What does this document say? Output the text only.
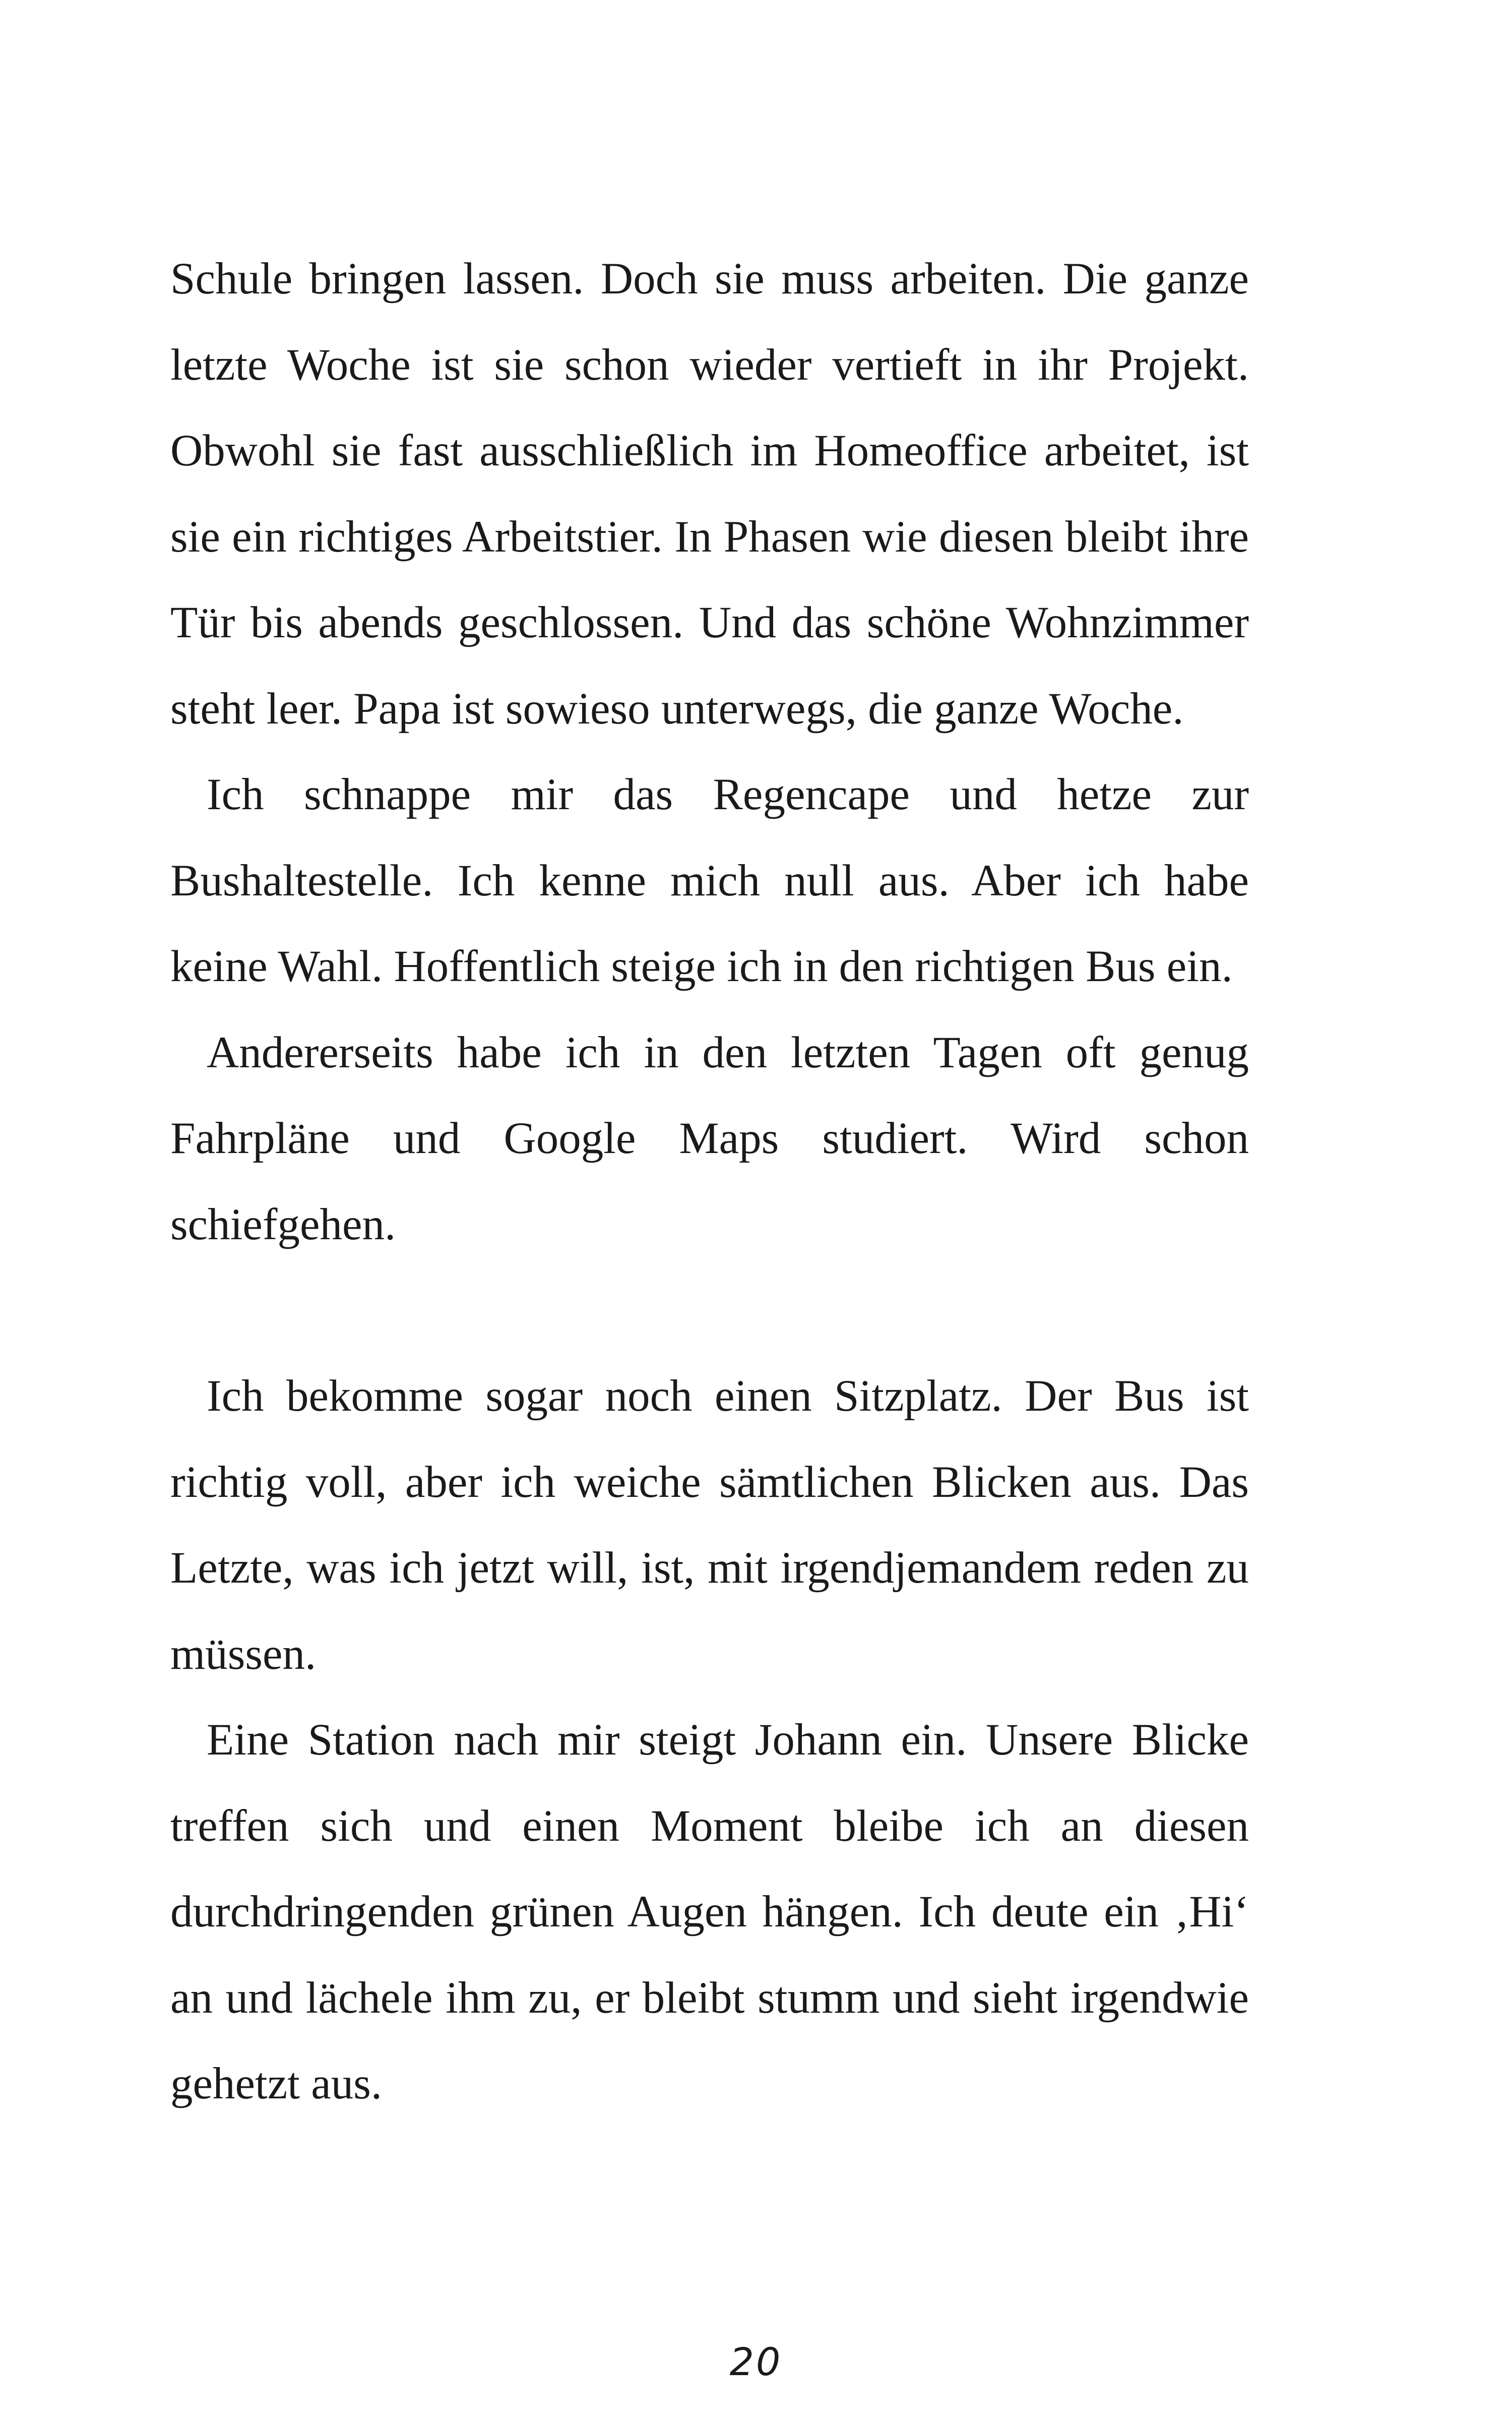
Schule bringen lassen. Doch sie muss arbeiten. Die ganze letzte Woche ist sie schon wieder vertieft in ihr Projekt. Obwohl sie fast ausschließlich im Homeoffice arbeitet, ist sie ein richtiges Arbeitstier. In Phasen wie diesen bleibt ihre Tür bis abends geschlossen. Und das schöne Wohnzimmer steht leer. Papa ist sowieso unterwegs, die ganze Woche.

Ich schnappe mir das Regencape und hetze zur Bushaltestelle. Ich kenne mich null aus. Aber ich habe keine Wahl. Hoffentlich steige ich in den richtigen Bus ein.

Andererseits habe ich in den letzten Tagen oft genug Fahrpläne und Google Maps studiert. Wird schon schiefgehen.

Ich bekomme sogar noch einen Sitzplatz. Der Bus ist richtig voll, aber ich weiche sämtlichen Blicken aus. Das Letzte, was ich jetzt will, ist, mit irgendjemandem reden zu müssen.

Eine Station nach mir steigt Johann ein. Unsere Blicke treffen sich und einen Moment bleibe ich an diesen durchdringenden grünen Augen hängen. Ich deute ein ‚Hi‘ an und lächele ihm zu, er bleibt stumm und sieht irgendwie gehetzt aus.

20
